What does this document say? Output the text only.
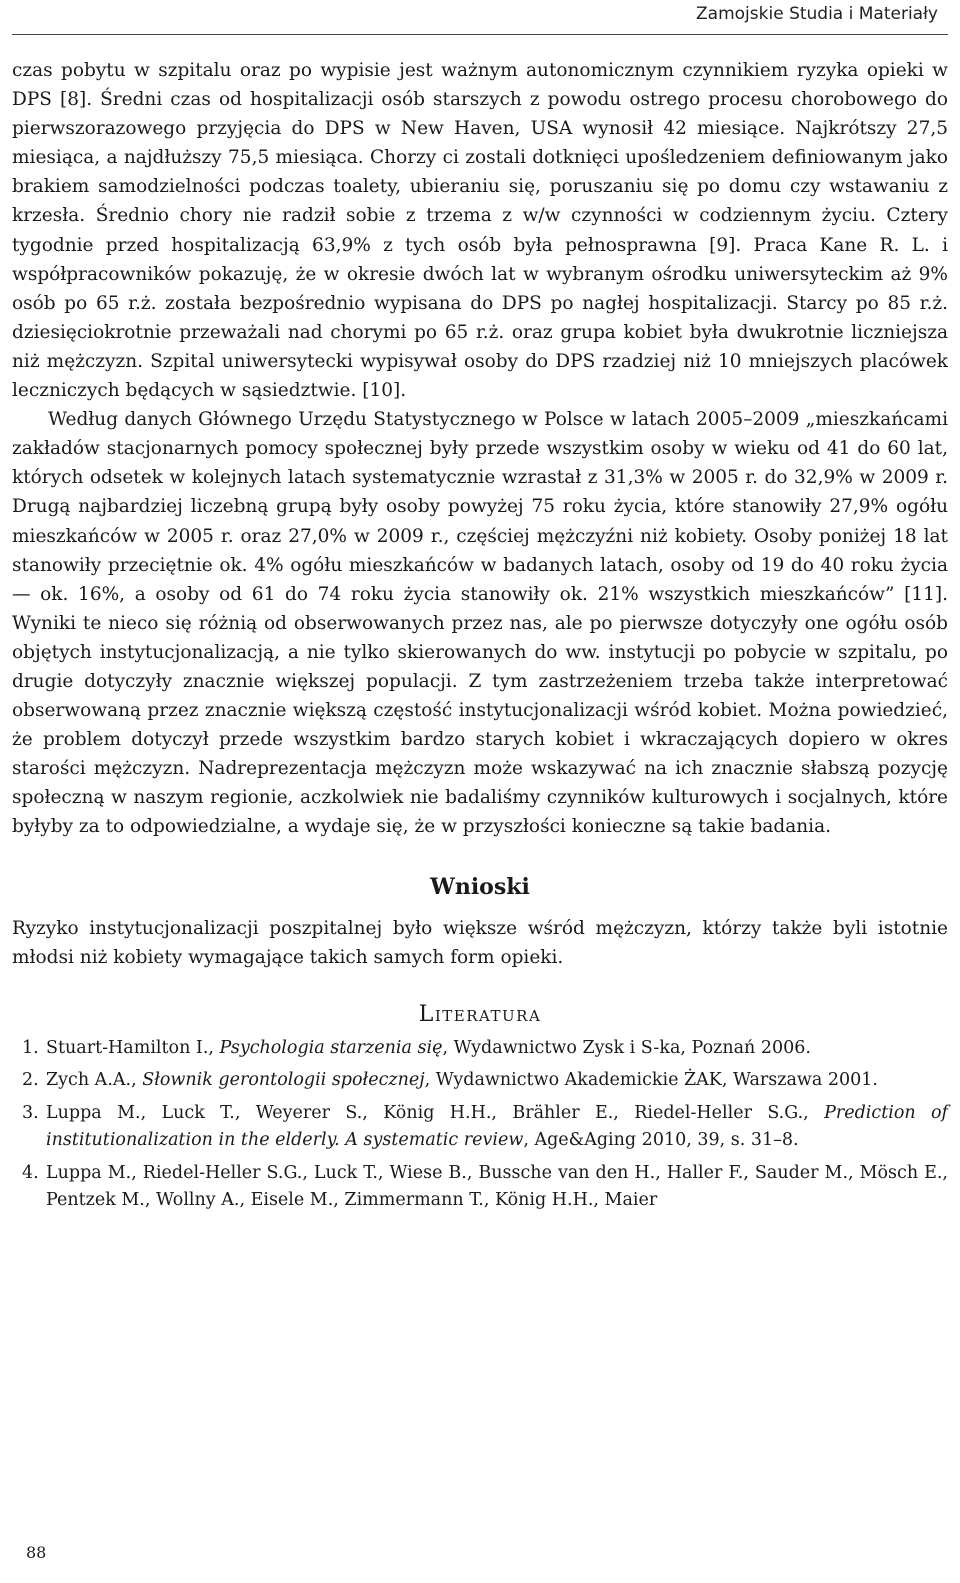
Zamojskie Studia i Materiały

czas pobytu w szpitalu oraz po wypisie jest ważnym autonomicznym czynnikiem ryzyka opieki w DPS [8]. Średni czas od hospitalizacji osób starszych z powodu ostrego procesu chorobowego do pierwszorazowego przyjęcia do DPS w New Haven, USA wynosił 42 miesiące. Najkrótszy 27,5 miesiąca, a najdłuższy 75,5 miesiąca. Chorzy ci zostali dotknięci upośledzeniem definiowanym jako brakiem samodzielności podczas toalety, ubieraniu się, poruszaniu się po domu czy wstawaniu z krzesła. Średnio chory nie radził sobie z trzema z w/w czynności w codziennym życiu. Cztery tygodnie przed hospitalizacją 63,9% z tych osób była pełnosprawna [9]. Praca Kane R. L. i współpracowników pokazuję, że w okresie dwóch lat w wybranym ośrodku uniwersyteckim aż 9% osób po 65 r.ż. została bezpośrednio wypisana do DPS po nagłej hospitalizacji. Starcy po 85 r.ż. dziesięciokrotnie przeważali nad chorymi po 65 r.ż. oraz grupa kobiet była dwukrotnie liczniejsza niż mężczyzn. Szpital uniwersytecki wypisywał osoby do DPS rzadziej niż 10 mniejszych placówek leczniczych będących w sąsiedztwie. [10].

Według danych Głównego Urzędu Statystycznego w Polsce w latach 2005–2009 „mieszkańcami zakładów stacjonarnych pomocy społecznej były przede wszystkim osoby w wieku od 41 do 60 lat, których odsetek w kolejnych latach systematycznie wzrastał z 31,3% w 2005 r. do 32,9% w 2009 r. Drugą najbardziej liczebną grupą były osoby powyżej 75 roku życia, które stanowiły 27,9% ogółu mieszkańców w 2005 r. oraz 27,0% w 2009 r., częściej mężczyźni niż kobiety. Osoby poniżej 18 lat stanowiły przeciętnie ok. 4% ogółu mieszkańców w badanych latach, osoby od 19 do 40 roku życia — ok. 16%, a osoby od 61 do 74 roku życia stanowiły ok. 21% wszystkich mieszkańców” [11]. Wyniki te nieco się różnią od obserwowanych przez nas, ale po pierwsze dotyczyły one ogółu osób objętych instytucjonalizacją, a nie tylko skierowanych do ww. instytucji po pobycie w szpitalu, po drugie dotyczyły znacznie większej populacji. Z tym zastrzeżeniem trzeba także interpretować obserwowaną przez znacznie większą częstość instytucjonalizacji wśród kobiet. Można powiedzieć, że problem dotyczył przede wszystkim bardzo starych kobiet i wkraczających dopiero w okres starości mężczyzn. Nadreprezentacja mężczyzn może wskazywać na ich znacznie słabszą pozycję społeczną w naszym regionie, aczkolwiek nie badaliśmy czynników kulturowych i socjalnych, które byłyby za to odpowiedzialne, a wydaje się, że w przyszłości konieczne są takie badania.

Wnioski

Ryzyko instytucjonalizacji poszpitalnej było większe wśród mężczyzn, którzy także byli istotnie młodsi niż kobiety wymagające takich samych form opieki.

Literatura
1. Stuart-Hamilton I., Psychologia starzenia się, Wydawnictwo Zysk i S-ka, Poznań 2006.
2. Zych A.A., Słownik gerontologii społecznej, Wydawnictwo Akademickie ŻAK, Warszawa 2001.
3. Luppa M., Luck T., Weyerer S., König H.H., Brähler E., Riedel-Heller S.G., Prediction of institutionalization in the elderly. A systematic review, Age&Aging 2010, 39, s. 31–8.
4. Luppa M., Riedel-Heller S.G., Luck T., Wiese B., Bussche van den H., Haller F., Sauder M., Mösch E., Pentzek M., Wollny A., Eisele M., Zimmermann T., König H.H., Maier
88
